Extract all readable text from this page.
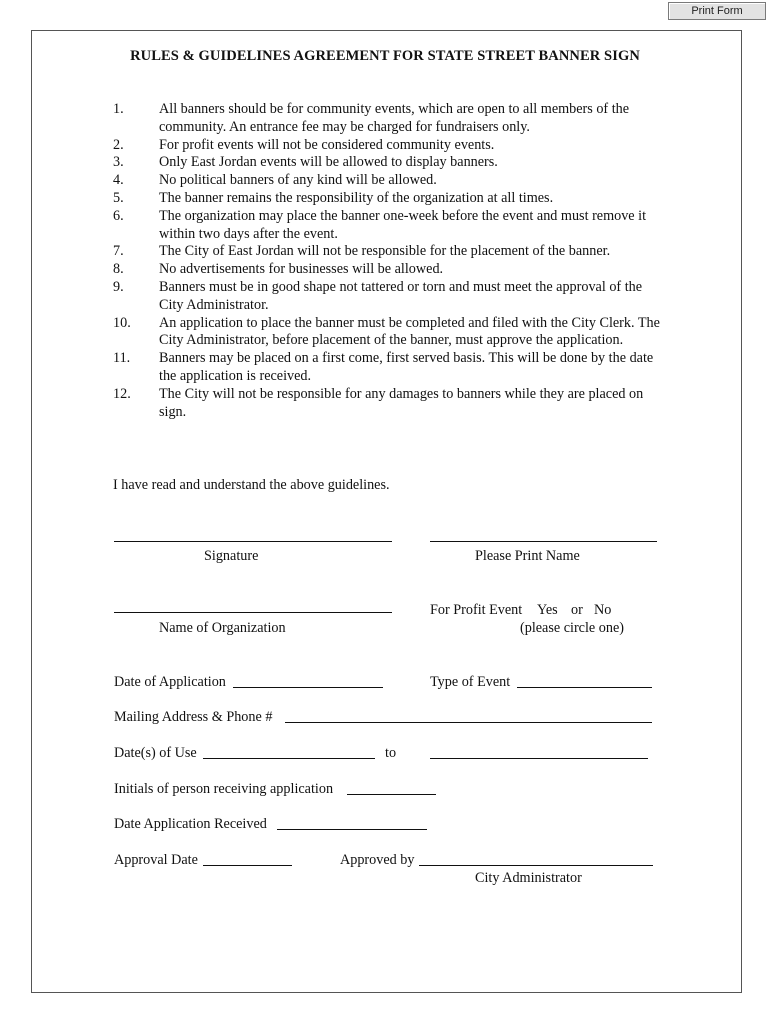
Print Form
RULES & GUIDELINES AGREEMENT FOR STATE STREET BANNER SIGN
1. All banners should be for community events, which are open to all members of the community. An entrance fee may be charged for fundraisers only.
2. For profit events will not be considered community events.
3. Only East Jordan events will be allowed to display banners.
4. No political banners of any kind will be allowed.
5. The banner remains the responsibility of the organization at all times.
6. The organization may place the banner one-week before the event and must remove it within two days after the event.
7. The City of East Jordan will not be responsible for the placement of the banner.
8. No advertisements for businesses will be allowed.
9. Banners must be in good shape not tattered or torn and must meet the approval of the City Administrator.
10. An application to place the banner must be completed and filed with the City Clerk. The City Administrator, before placement of the banner, must approve the application.
11. Banners may be placed on a first come, first served basis. This will be done by the date the application is received.
12. The City will not be responsible for any damages to banners while they are placed on sign.
I have read and understand the above guidelines.
Signature	Please Print Name
Name of Organization
For Profit Event Yes or No
(please circle one)
Date of Application	Type of Event
Mailing Address & Phone #
Date(s) of Use	to
Initials of person receiving application
Date Application Received
Approval Date	Approved by
City Administrator
